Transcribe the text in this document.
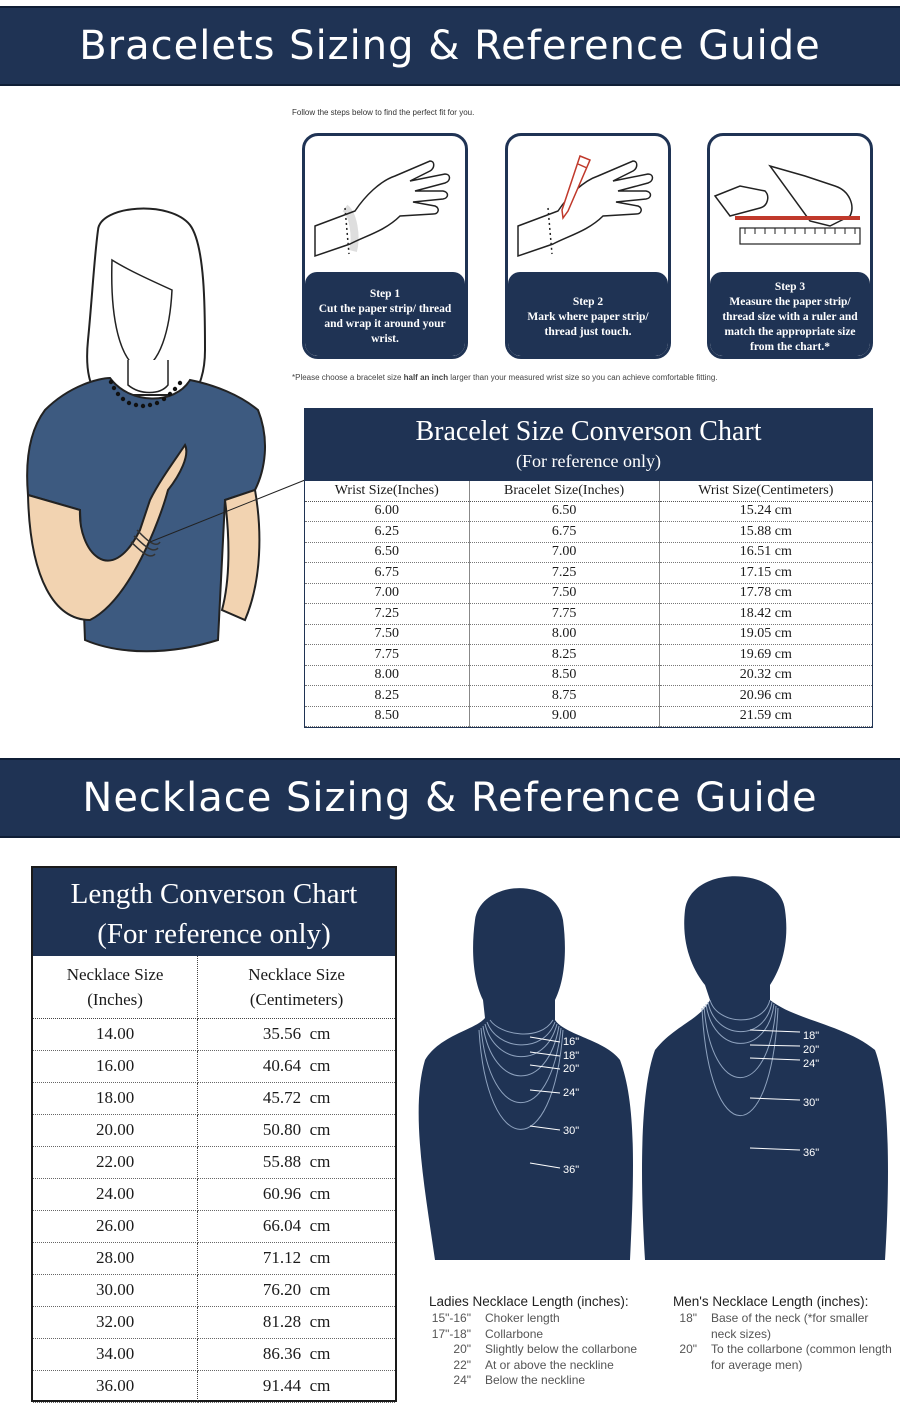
Bracelets Sizing & Reference Guide
Follow the steps below to find the perfect fit for you.
Step 1
Cut the paper strip/ thread and wrap it around your wrist.
Step 2
Mark where paper strip/ thread just touch.
Step 3
Measure the paper strip/ thread size with a ruler and match the appropriate size from the chart.*
*Please choose a bracelet size half an inch larger than your measured wrist size so you can achieve comfortable fitting.
Bracelet Size Converson Chart
(For reference only)
Wrist Size(Inches)	Bracelet Size(Inches)	Wrist Size(Centimeters)
6.00	6.50	15.24 cm
6.25	6.75	15.88 cm
6.50	7.00	16.51 cm
6.75	7.25	17.15 cm
7.00	7.50	17.78 cm
7.25	7.75	18.42 cm
7.50	8.00	19.05 cm
7.75	8.25	19.69 cm
8.00	8.50	20.32 cm
8.25	8.75	20.96 cm
8.50	9.00	21.59 cm
Necklace Sizing & Reference Guide
Length Converson Chart
(For reference only)
Necklace Size
(Inches)	Necklace Size
(Centimeters)
14.00	35.56  cm
16.00	40.64  cm
18.00	45.72  cm
20.00	50.80  cm
22.00	55.88  cm
24.00	60.96  cm
26.00	66.04  cm
28.00	71.12  cm
30.00	76.20  cm
32.00	81.28  cm
34.00	86.36  cm
36.00	91.44  cm
16"
18"
20"
24"
30"
36"
18"
20"
24"
30"
36"
Ladies Necklace Length (inches):
15"-16"	Choker length
17"-18"	Collarbone
20"	Slightly below the collarbone
22"	At or above the neckline
24"	Below the neckline
Men's Necklace Length (inches):
18"	Base of the neck (*for smaller neck sizes)
20"	To the collarbone (common length for average men)
